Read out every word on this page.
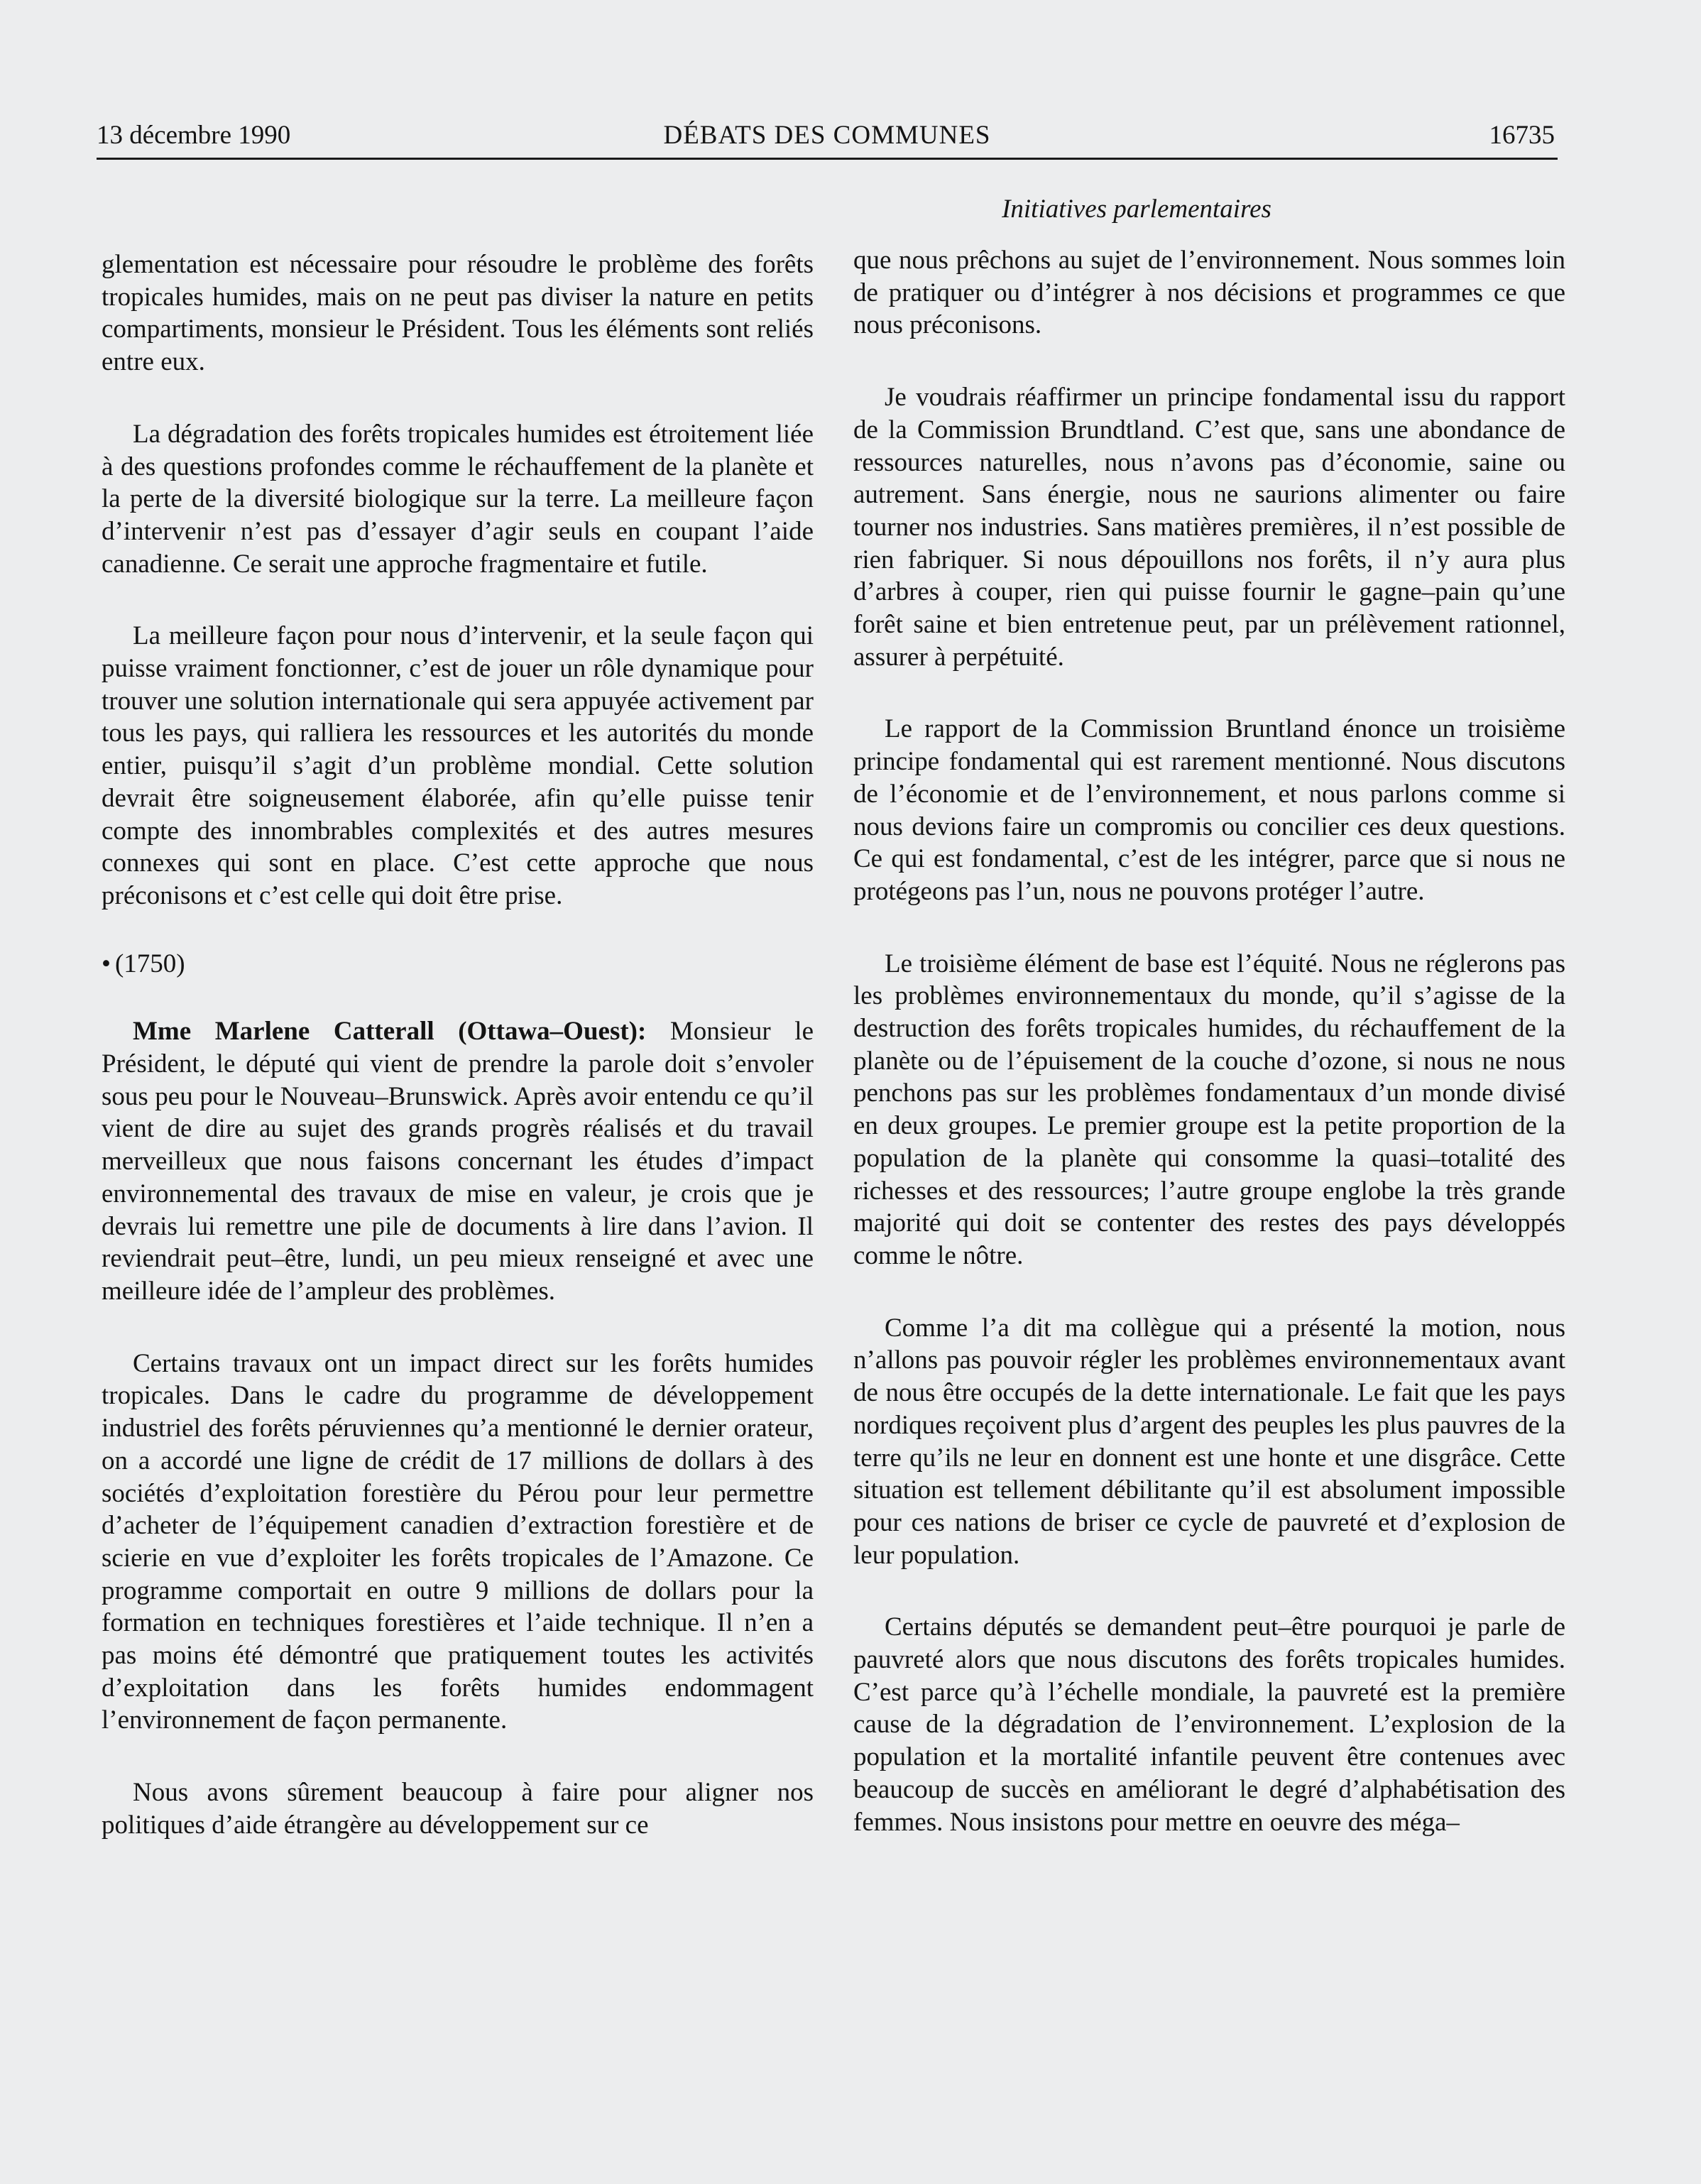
13 décembre 1990	DÉBATS DES COMMUNES	16735
Initiatives parlementaires

glementation est nécessaire pour résoudre le problème des forêts tropicales humides, mais on ne peut pas diviser la nature en petits compartiments, monsieur le Président. Tous les éléments sont reliés entre eux.

La dégradation des forêts tropicales humides est étroitement liée à des questions profondes comme le réchauffement de la planète et la perte de la diversité biologique sur la terre. La meilleure façon d’intervenir n’est pas d’essayer d’agir seuls en coupant l’aide canadienne. Ce serait une approche fragmentaire et futile.

La meilleure façon pour nous d’intervenir, et la seule façon qui puisse vraiment fonctionner, c’est de jouer un rôle dynamique pour trouver une solution internationale qui sera appuyée activement par tous les pays, qui ralliera les ressources et les autorités du monde entier, puisqu’il s’agit d’un problème mondial. Cette solution devrait être soigneusement élaborée, afin qu’elle puisse tenir compte des innombrables complexités et des autres mesures connexes qui sont en place. C’est cette approche que nous préconisons et c’est celle qui doit être prise.

• (1750)

Mme Marlene Catterall (Ottawa–Ouest): Monsieur le Président, le député qui vient de prendre la parole doit s’envoler sous peu pour le Nouveau–Brunswick. Après avoir entendu ce qu’il vient de dire au sujet des grands progrès réalisés et du travail merveilleux que nous faisons concernant les études d’impact environnemental des travaux de mise en valeur, je crois que je devrais lui remettre une pile de documents à lire dans l’avion. Il reviendrait peut–être, lundi, un peu mieux renseigné et avec une meilleure idée de l’ampleur des problèmes.

Certains travaux ont un impact direct sur les forêts humides tropicales. Dans le cadre du programme de développement industriel des forêts péruviennes qu’a mentionné le dernier orateur, on a accordé une ligne de crédit de 17 millions de dollars à des sociétés d’exploitation forestière du Pérou pour leur permettre d’acheter de l’équipement canadien d’extraction forestière et de scierie en vue d’exploiter les forêts tropicales de l’Amazone. Ce programme comportait en outre 9 millions de dollars pour la formation en techniques forestières et l’aide technique. Il n’en a pas moins été démontré que pratiquement toutes les activités d’exploitation dans les forêts humides endommagent l’environnement de façon permanente.

Nous avons sûrement beaucoup à faire pour aligner nos politiques d’aide étrangère au développement sur ce

que nous prêchons au sujet de l’environnement. Nous sommes loin de pratiquer ou d’intégrer à nos décisions et programmes ce que nous préconisons.

Je voudrais réaffirmer un principe fondamental issu du rapport de la Commission Brundtland. C’est que, sans une abondance de ressources naturelles, nous n’avons pas d’économie, saine ou autrement. Sans énergie, nous ne saurions alimenter ou faire tourner nos industries. Sans matières premières, il n’est possible de rien fabriquer. Si nous dépouillons nos forêts, il n’y aura plus d’arbres à couper, rien qui puisse fournir le gagne–pain qu’une forêt saine et bien entretenue peut, par un prélèvement rationnel, assurer à perpétuité.

Le rapport de la Commission Bruntland énonce un troisième principe fondamental qui est rarement mentionné. Nous discutons de l’économie et de l’environnement, et nous parlons comme si nous devions faire un compromis ou concilier ces deux questions. Ce qui est fondamental, c’est de les intégrer, parce que si nous ne protégeons pas l’un, nous ne pouvons protéger l’autre.

Le troisième élément de base est l’équité. Nous ne réglerons pas les problèmes environnementaux du monde, qu’il s’agisse de la destruction des forêts tropicales humides, du réchauffement de la planète ou de l’épuisement de la couche d’ozone, si nous ne nous penchons pas sur les problèmes fondamentaux d’un monde divisé en deux groupes. Le premier groupe est la petite proportion de la population de la planète qui consomme la quasi–totalité des richesses et des ressources; l’autre groupe englobe la très grande majorité qui doit se contenter des restes des pays développés comme le nôtre.

Comme l’a dit ma collègue qui a présenté la motion, nous n’allons pas pouvoir régler les problèmes environnementaux avant de nous être occupés de la dette internationale. Le fait que les pays nordiques reçoivent plus d’argent des peuples les plus pauvres de la terre qu’ils ne leur en donnent est une honte et une disgrâce. Cette situation est tellement débilitante qu’il est absolument impossible pour ces nations de briser ce cycle de pauvreté et d’explosion de leur population.

Certains députés se demandent peut–être pourquoi je parle de pauvreté alors que nous discutons des forêts tropicales humides. C’est parce qu’à l’échelle mondiale, la pauvreté est la première cause de la dégradation de l’environnement. L’explosion de la population et la mortalité infantile peuvent être contenues avec beaucoup de succès en améliorant le degré d’alphabétisation des femmes. Nous insistons pour mettre en oeuvre des méga–
